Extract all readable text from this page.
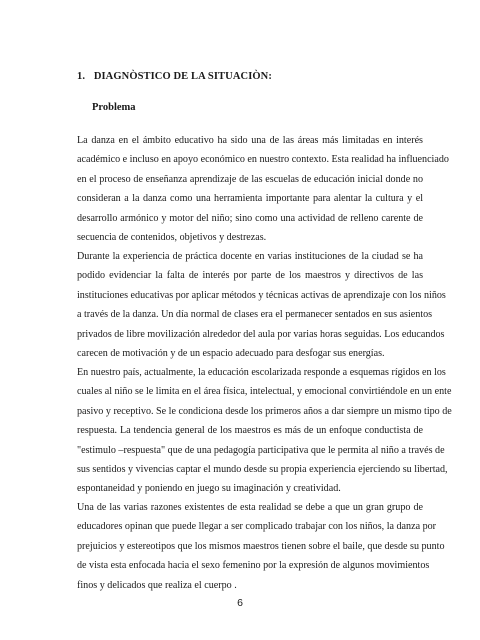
1. DIAGNÒSTICO DE LA SITUACIÒN:
Problema
La danza en el ámbito educativo ha sido una de las áreas más limitadas en interés
académico e incluso en apoyo económico en nuestro contexto. Esta realidad ha influenciado
en el proceso de enseñanza aprendizaje de las escuelas de educación inicial donde no
consideran a la danza como una herramienta importante para alentar la cultura y el
desarrollo armónico y motor del niño; sino como una actividad de relleno carente de
secuencia de contenidos, objetivos y destrezas.
Durante la experiencia de práctica docente en varias instituciones de la ciudad se ha
podido evidenciar la falta de interés por parte de los maestros y directivos de las
instituciones educativas por aplicar métodos y técnicas activas de aprendizaje con los niños
a través de la danza. Un día normal de clases era el permanecer sentados en sus asientos
privados de libre movilización alrededor del aula por varias horas seguidas. Los educandos
carecen de motivación y de un espacio adecuado para desfogar sus energías.
En nuestro país, actualmente, la educación escolarizada responde a esquemas rígidos en los
cuales al niño se le limita en el área física, intelectual, y emocional convirtiéndole en un ente
pasivo y receptivo. Se le condiciona desde los primeros años a dar siempre un mismo tipo de
respuesta. La tendencia general de los maestros es más de un enfoque conductista de
"estimulo –respuesta" que de una pedagogía participativa que le permita al niño a través de
sus sentidos y vivencias captar el mundo desde su propia experiencia ejerciendo su libertad,
espontaneidad y poniendo en juego su imaginación y creatividad.
Una de las varias razones existentes de esta realidad se debe a que un gran grupo de
educadores opinan que puede llegar a ser complicado trabajar con los niños, la danza por
prejuicios y estereotipos que los mismos maestros tienen sobre el baile, que desde su punto
de vista esta enfocada hacia el sexo femenino por la expresión de algunos movimientos
finos y delicados que realiza el cuerpo .
6
